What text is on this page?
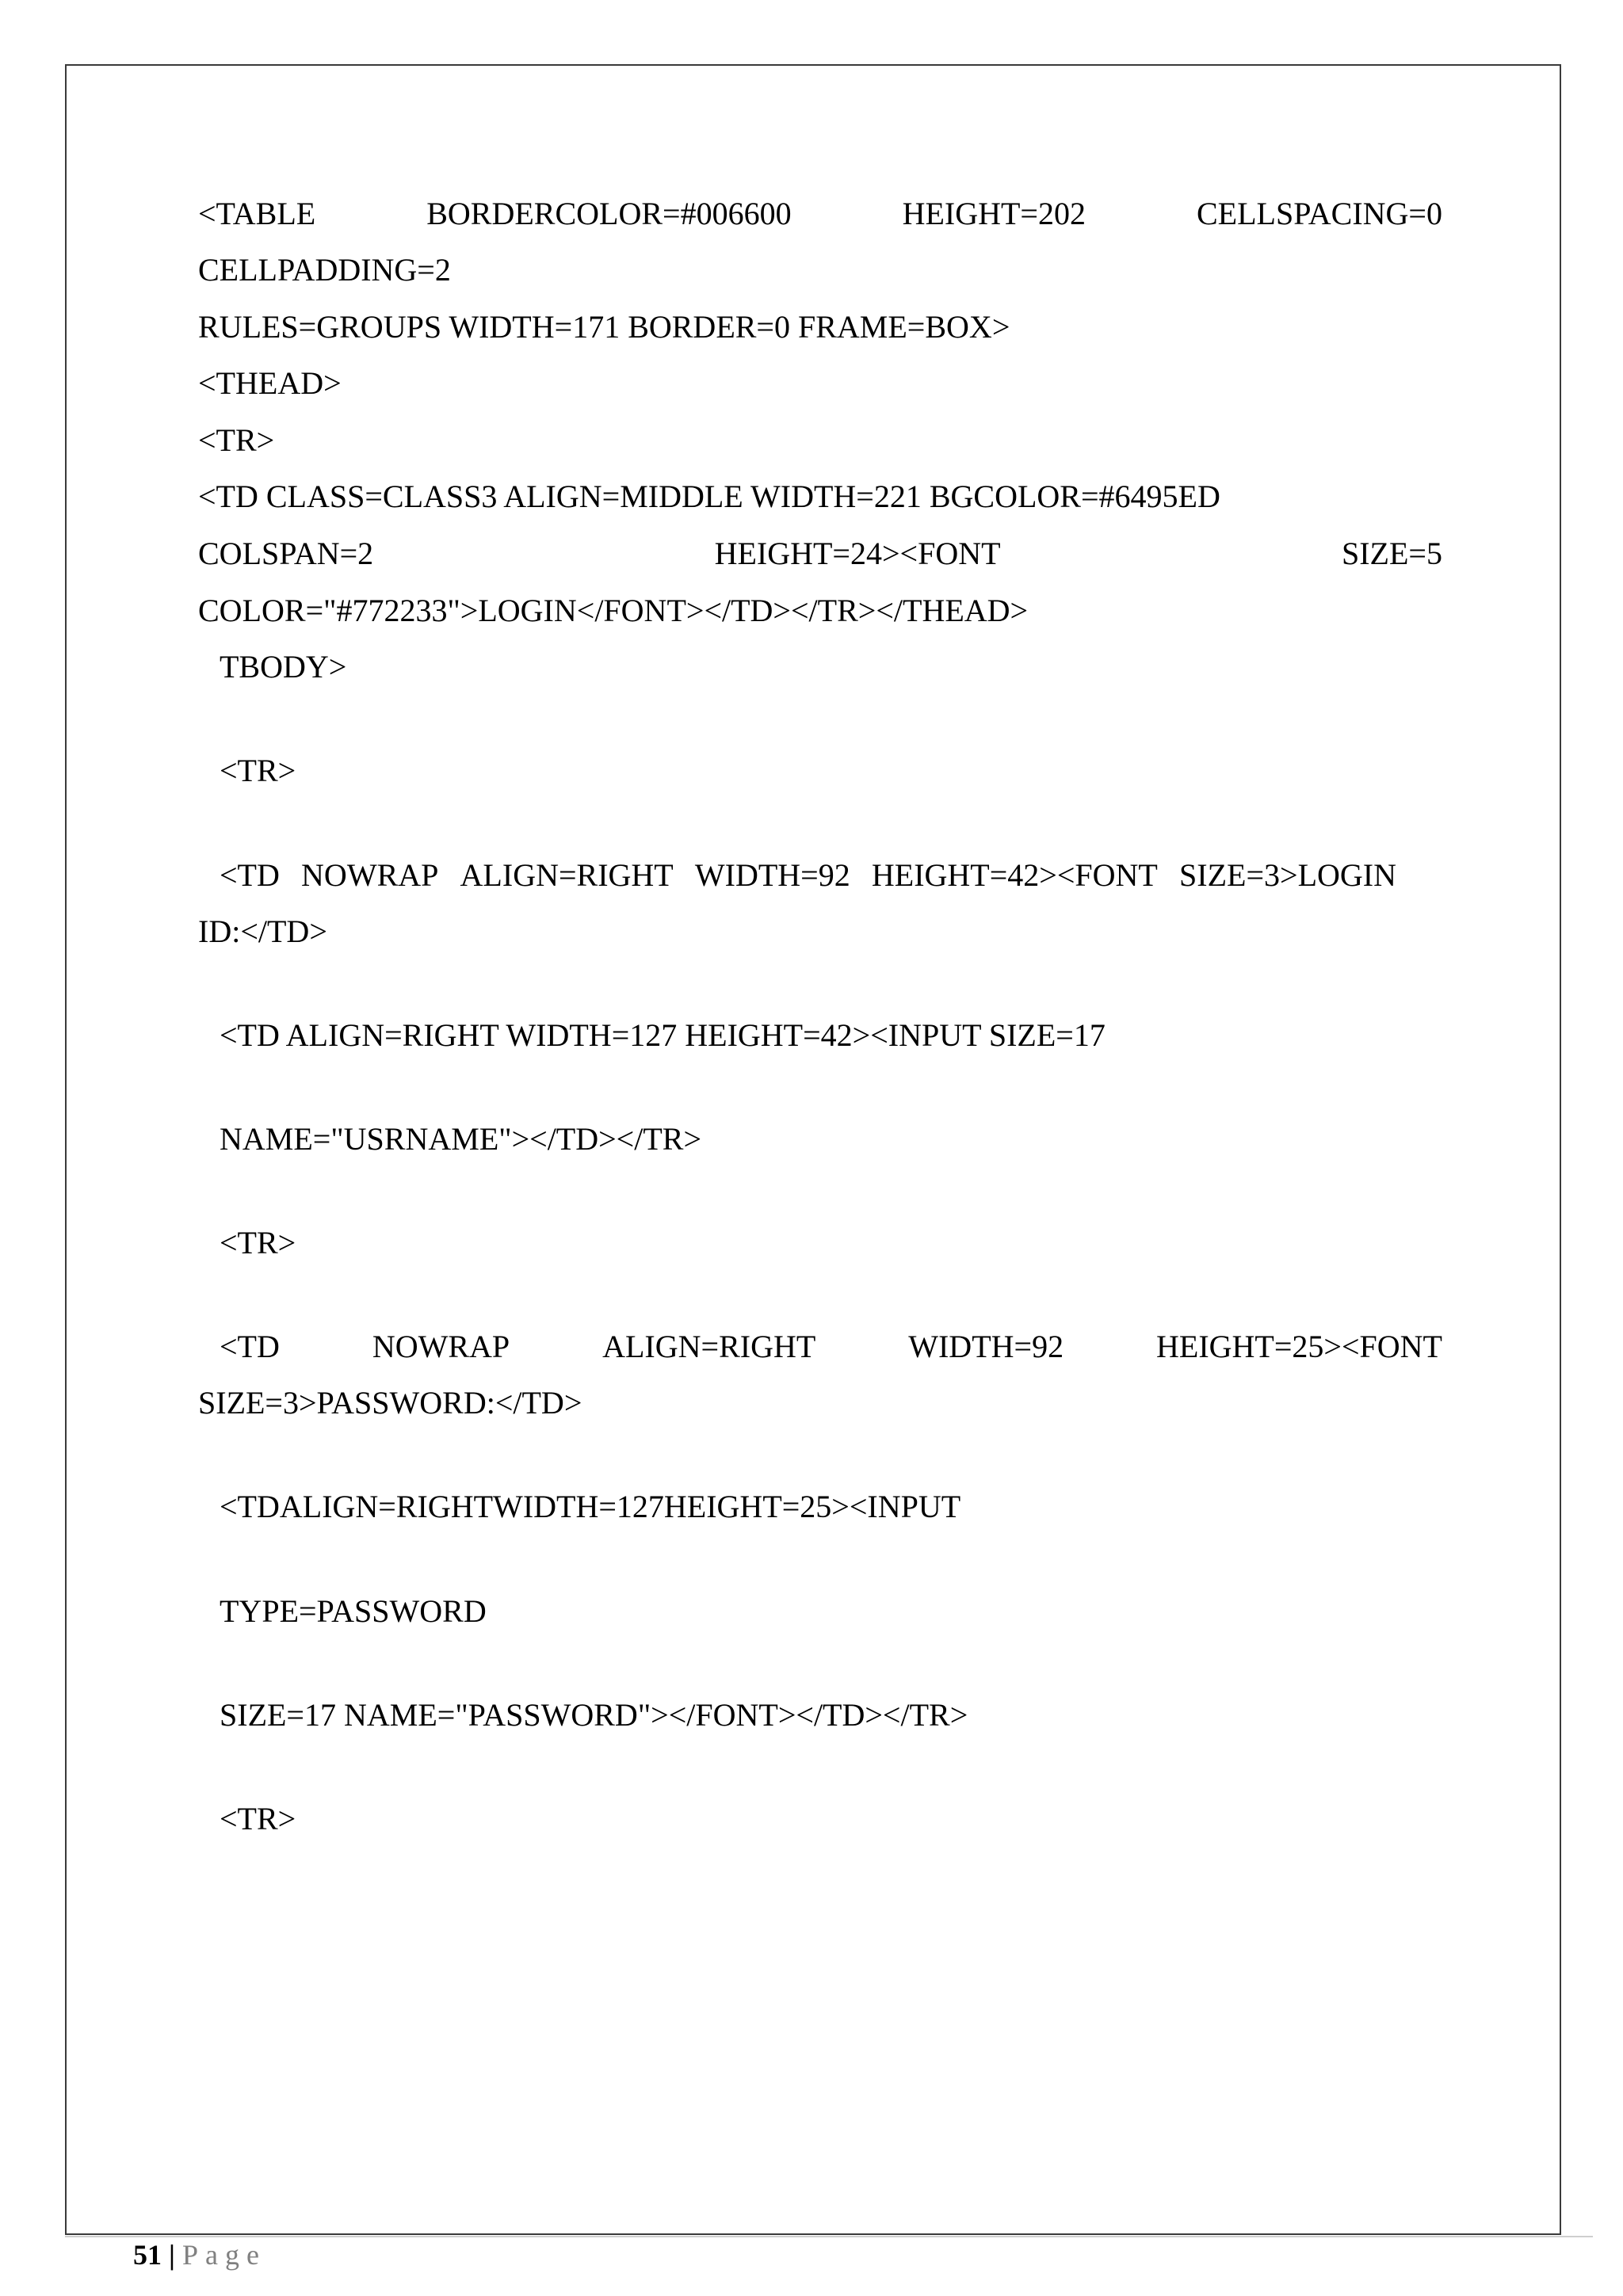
<TABLE	BORDERCOLOR=#006600	HEIGHT=202	CELLSPACING=0
CELLPADDING=2
RULES=GROUPS WIDTH=171 BORDER=0 FRAME=BOX>
<THEAD>
<TR>
<TD CLASS=CLASS3 ALIGN=MIDDLE WIDTH=221 BGCOLOR=#6495ED
COLSPAN=2	HEIGHT=24><FONT	SIZE=5
COLOR="#772233">LOGIN</FONT></TD></TR></THEAD>
TBODY>
<TR>
<TD NOWRAP ALIGN=RIGHT WIDTH=92 HEIGHT=42><FONT SIZE=3>LOGIN
ID:</TD>
<TD ALIGN=RIGHT WIDTH=127 HEIGHT=42><INPUT SIZE=17
NAME="USRNAME"></TD></TR>
<TR>
<TD	NOWRAP	ALIGN=RIGHT	WIDTH=92	HEIGHT=25><FONT
SIZE=3>PASSWORD:</TD>
<TDALIGN=RIGHTWIDTH=127HEIGHT=25><INPUT
TYPE=PASSWORD
SIZE=17 NAME="PASSWORD"></FONT></TD></TR>
<TR>
51 | Page
